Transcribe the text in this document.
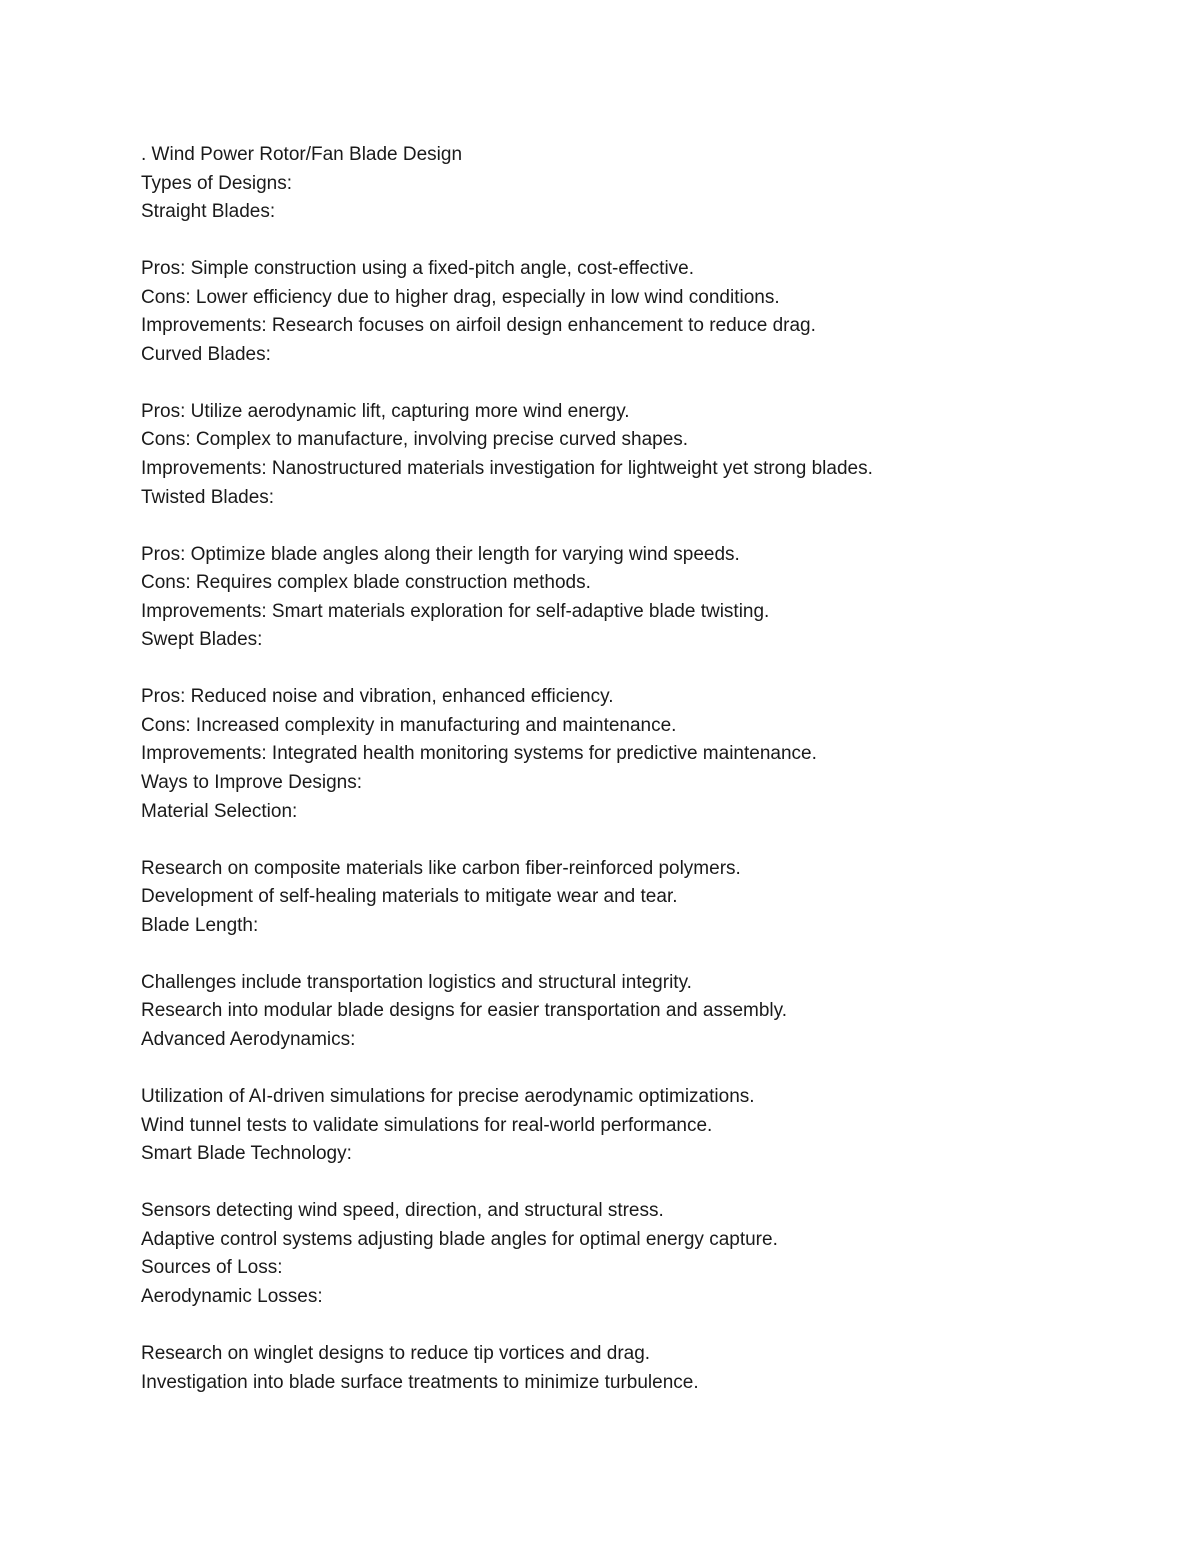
. Wind Power Rotor/Fan Blade Design

Types of Designs:

Straight Blades:

Pros: Simple construction using a fixed-pitch angle, cost-effective.

Cons: Lower efficiency due to higher drag, especially in low wind conditions.

Improvements: Research focuses on airfoil design enhancement to reduce drag.

Curved Blades:

Pros: Utilize aerodynamic lift, capturing more wind energy.

Cons: Complex to manufacture, involving precise curved shapes.

Improvements: Nanostructured materials investigation for lightweight yet strong blades.

Twisted Blades:

Pros: Optimize blade angles along their length for varying wind speeds.

Cons: Requires complex blade construction methods.

Improvements: Smart materials exploration for self-adaptive blade twisting.

Swept Blades:

Pros: Reduced noise and vibration, enhanced efficiency.

Cons: Increased complexity in manufacturing and maintenance.

Improvements: Integrated health monitoring systems for predictive maintenance.

Ways to Improve Designs:

Material Selection:

Research on composite materials like carbon fiber-reinforced polymers.

Development of self-healing materials to mitigate wear and tear.

Blade Length:

Challenges include transportation logistics and structural integrity.

Research into modular blade designs for easier transportation and assembly.

Advanced Aerodynamics:

Utilization of AI-driven simulations for precise aerodynamic optimizations.

Wind tunnel tests to validate simulations for real-world performance.

Smart Blade Technology:

Sensors detecting wind speed, direction, and structural stress.

Adaptive control systems adjusting blade angles for optimal energy capture.

Sources of Loss:

Aerodynamic Losses:

Research on winglet designs to reduce tip vortices and drag.

Investigation into blade surface treatments to minimize turbulence.
